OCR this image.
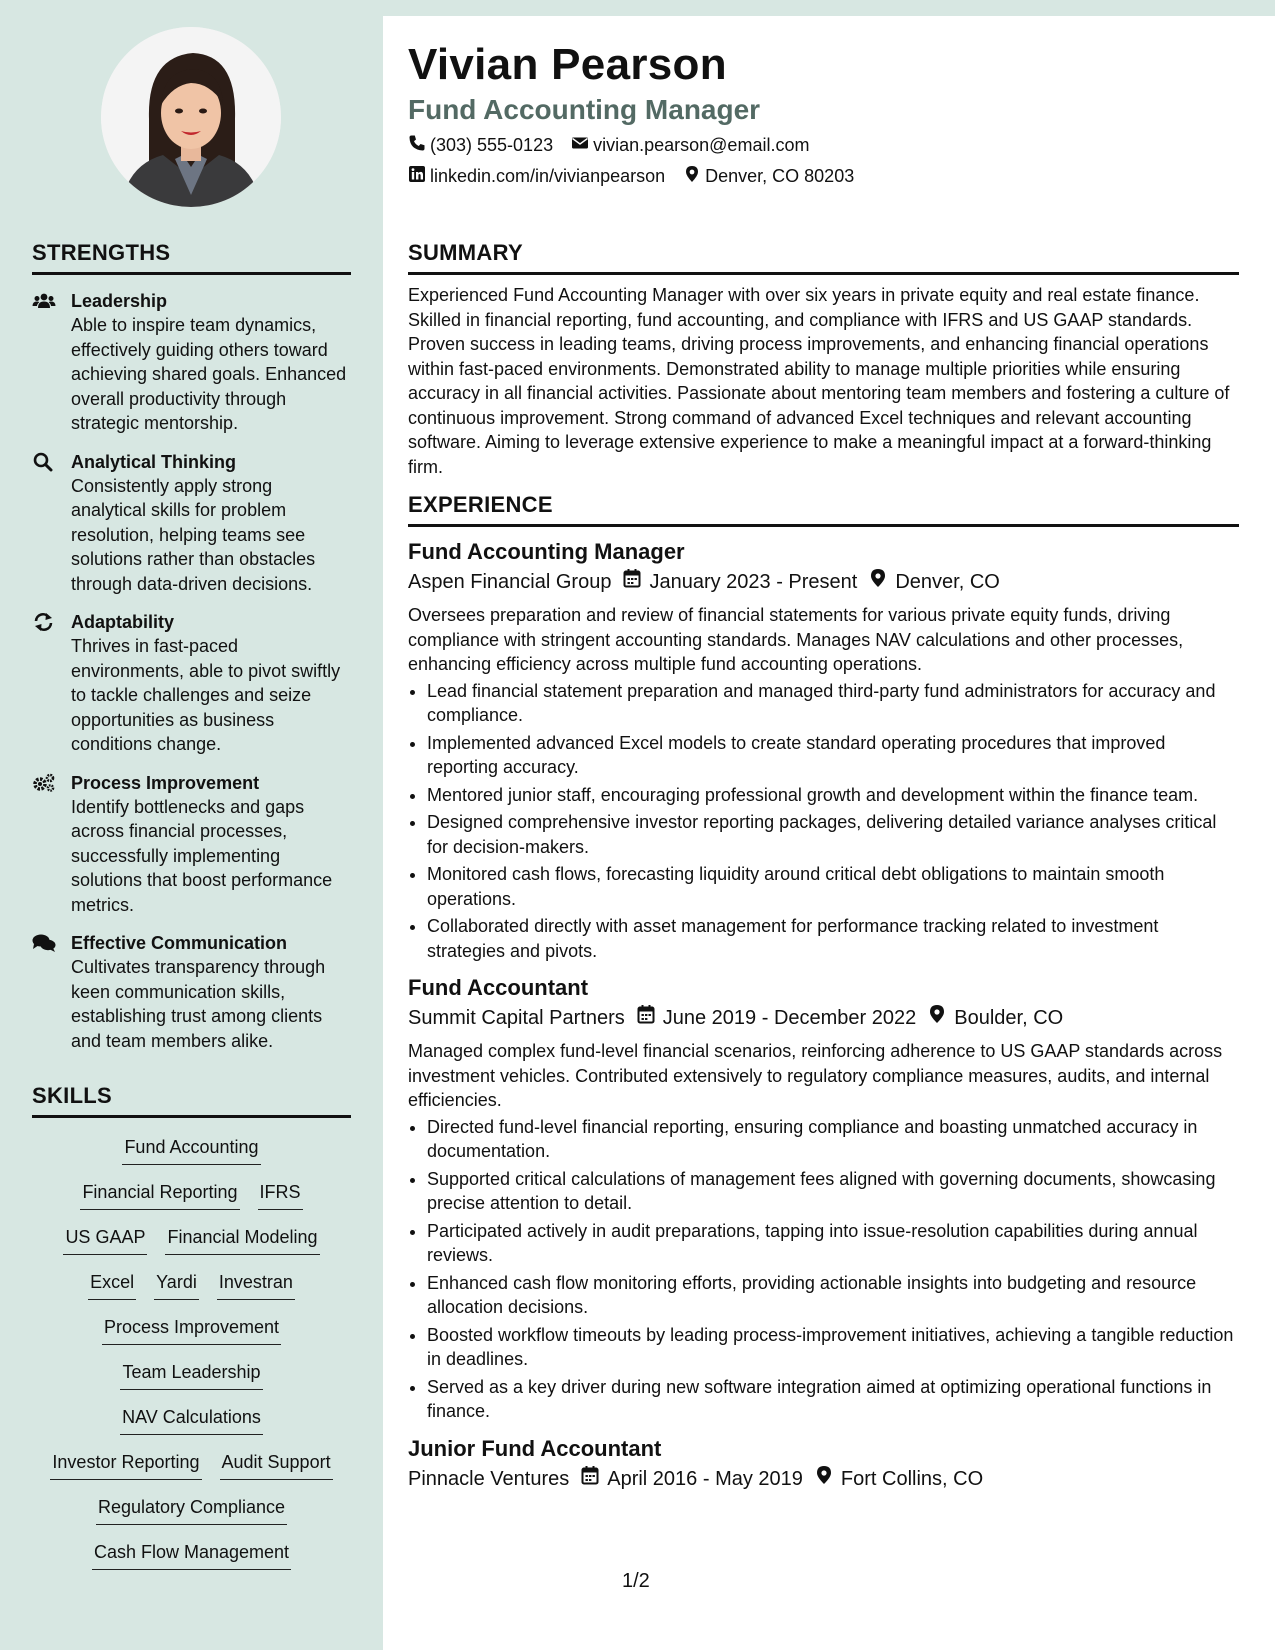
STRENGTHS
Leadership

Able to inspire team dynamics, effectively guiding others toward achieving shared goals. Enhanced overall productivity through strategic mentorship.

Analytical Thinking

Consistently apply strong analytical skills for problem resolution, helping teams see solutions rather than obstacles through data-driven decisions.

Adaptability

Thrives in fast-paced environments, able to pivot swiftly to tackle challenges and seize opportunities as business conditions change.

Process Improvement

Identify bottlenecks and gaps across financial processes, successfully implementing solutions that boost performance metrics.

Effective Communication

Cultivates transparency through keen communication skills, establishing trust among clients and team members alike.

SKILLS
Fund Accounting
Financial Reporting IFRS
US GAAP Financial Modeling
Excel Yardi Investran
Process Improvement
Team Leadership
NAV Calculations
Investor Reporting Audit Support
Regulatory Compliance
Cash Flow Management
Vivian Pearson
Fund Accounting Manager
(303) 555-0123 vivian.pearson@email.com
linkedin.com/in/vivianpearson Denver, CO 80203
SUMMARY

Experienced Fund Accounting Manager with over six years in private equity and real estate finance. Skilled in financial reporting, fund accounting, and compliance with IFRS and US GAAP standards. Proven success in leading teams, driving process improvements, and enhancing financial operations within fast-paced environments. Demonstrated ability to manage multiple priorities while ensuring accuracy in all financial activities. Passionate about mentoring team members and fostering a culture of continuous improvement. Strong command of advanced Excel techniques and relevant accounting software. Aiming to leverage extensive experience to make a meaningful impact at a forward-thinking firm.

EXPERIENCE
Fund Accounting Manager
Aspen Financial Group January 2023 - Present Denver, CO

Oversees preparation and review of financial statements for various private equity funds, driving compliance with stringent accounting standards. Manages NAV calculations and other processes, enhancing efficiency across multiple fund accounting operations.

• Lead financial statement preparation and managed third-party fund administrators for accuracy and compliance.
• Implemented advanced Excel models to create standard operating procedures that improved reporting accuracy.
• Mentored junior staff, encouraging professional growth and development within the finance team.
• Designed comprehensive investor reporting packages, delivering detailed variance analyses critical for decision-makers.
• Monitored cash flows, forecasting liquidity around critical debt obligations to maintain smooth operations.
• Collaborated directly with asset management for performance tracking related to investment strategies and pivots.
Fund Accountant
Summit Capital Partners June 2019 - December 2022 Boulder, CO

Managed complex fund-level financial scenarios, reinforcing adherence to US GAAP standards across investment vehicles. Contributed extensively to regulatory compliance measures, audits, and internal efficiencies.

• Directed fund-level financial reporting, ensuring compliance and boasting unmatched accuracy in documentation.
• Supported critical calculations of management fees aligned with governing documents, showcasing precise attention to detail.
• Participated actively in audit preparations, tapping into issue-resolution capabilities during annual reviews.
• Enhanced cash flow monitoring efforts, providing actionable insights into budgeting and resource allocation decisions.
• Boosted workflow timeouts by leading process-improvement initiatives, achieving a tangible reduction in deadlines.
• Served as a key driver during new software integration aimed at optimizing operational functions in finance.
Junior Fund Accountant
Pinnacle Ventures April 2016 - May 2019 Fort Collins, CO
1/2
